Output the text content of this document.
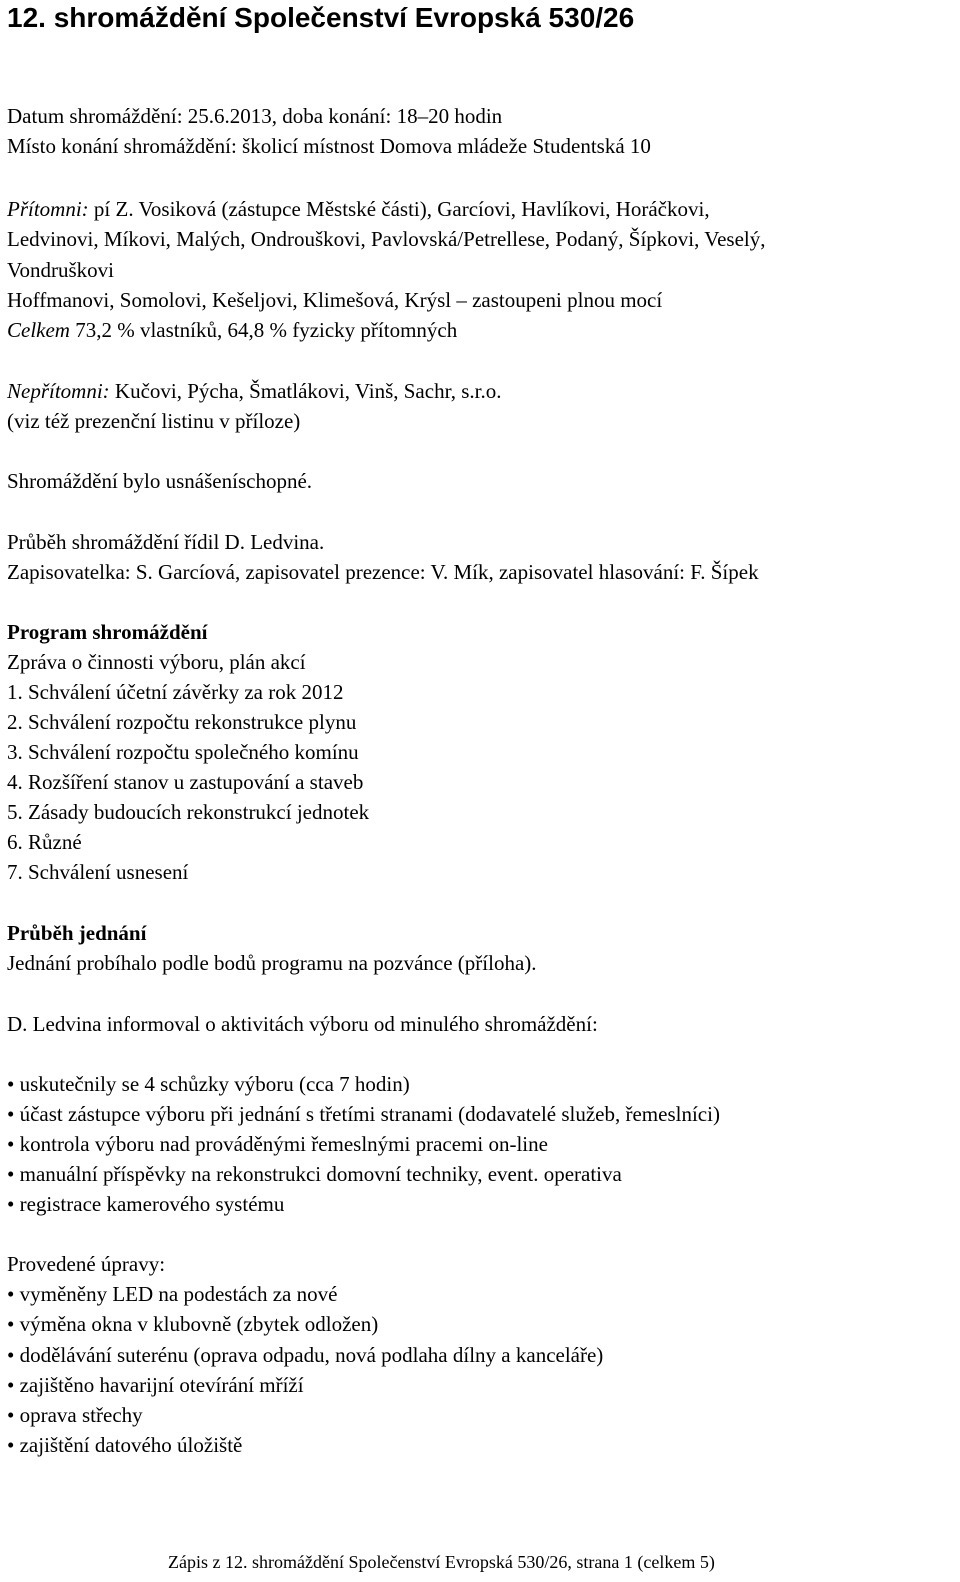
12. shromáždění Společenství Evropská 530/26
Datum shromáždění: 25.6.2013, doba konání: 18–20 hodin
Místo konání shromáždění: školicí místnost Domova mládeže Studentská 10
Přítomni: pí Z. Vosiková (zástupce Městské části), Garcíovi, Havlíkovi, Horáčkovi,
Ledvinovi, Míkovi, Malých, Ondrouškovi, Pavlovská/Petrellese, Podaný, Šípkovi, Veselý,
Vondruškovi
Hoffmanovi, Somolovi, Kešeljovi, Klimešová, Krýsl – zastoupeni plnou mocí
Celkem 73,2 % vlastníků, 64,8 % fyzicky přítomných
Nepřítomni: Kučovi, Pýcha, Šmatlákovi, Vinš, Sachr, s.r.o.
(viz též prezenční listinu v příloze)
Shromáždění bylo usnášeníschopné.
Průběh shromáždění řídil D. Ledvina.
Zapisovatelka: S. Garcíová, zapisovatel prezence: V. Mík, zapisovatel hlasování: F. Šípek
Program shromáždění
Zpráva o činnosti výboru, plán akcí
1. Schválení účetní závěrky za rok 2012
2. Schválení rozpočtu rekonstrukce plynu
3. Schválení rozpočtu společného komínu
4. Rozšíření stanov u zastupování a staveb
5. Zásady budoucích rekonstrukcí jednotek
6. Různé
7. Schválení usnesení
Průběh jednání
Jednání probíhalo podle bodů programu na pozvánce (příloha).
D. Ledvina informoval o aktivitách výboru od minulého shromáždění:
• uskutečnily se 4 schůzky výboru (cca 7 hodin)
• účast zástupce výboru při jednání s třetími stranami (dodavatelé služeb, řemeslníci)
• kontrola výboru nad prováděnými řemeslnými pracemi on-line
• manuální příspěvky na rekonstrukci domovní techniky, event. operativa
• registrace kamerového systému
Provedené úpravy:
• vyměněny LED na podestách za nové
• výměna okna v klubovně (zbytek odložen)
• dodělávání suterénu (oprava odpadu, nová podlaha dílny a kanceláře)
• zajištěno havarijní otevírání mříží
• oprava střechy
• zajištění datového úložiště
Zápis z 12. shromáždění Společenství Evropská 530/26, strana 1 (celkem 5)
